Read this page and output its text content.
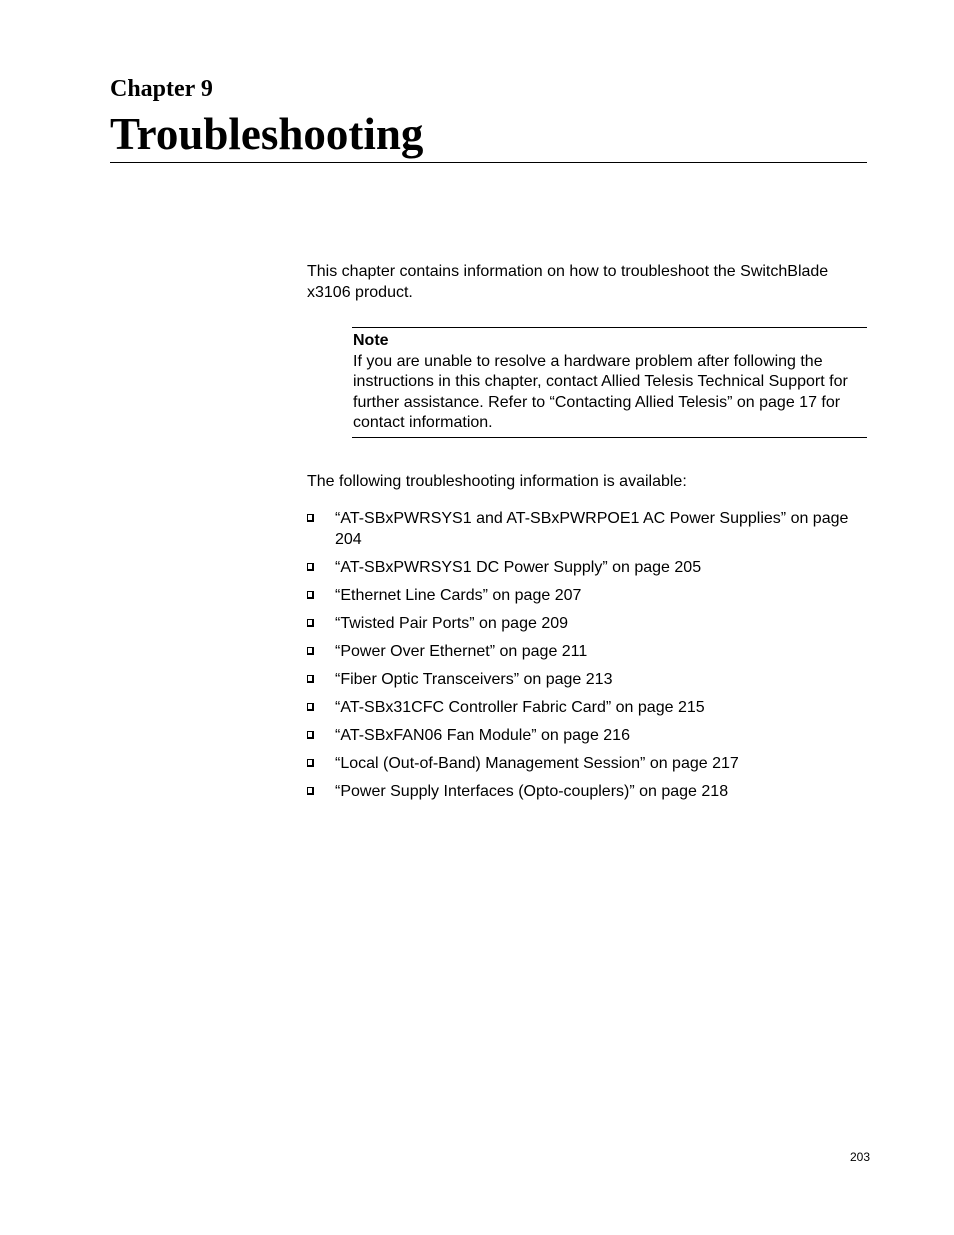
Chapter 9
Troubleshooting

This chapter contains information on how to troubleshoot the SwitchBlade x3106 product.

Note
If you are unable to resolve a hardware problem after following the instructions in this chapter, contact Allied Telesis Technical Support for further assistance. Refer to “Contacting Allied Telesis” on page 17 for contact information.

The following troubleshooting information is available:

“AT-SBxPWRSYS1 and AT-SBxPWRPOE1 AC Power Supplies” on page 204
“AT-SBxPWRSYS1 DC Power Supply” on page 205
“Ethernet Line Cards” on page 207
“Twisted Pair Ports” on page 209
“Power Over Ethernet” on page 211
“Fiber Optic Transceivers” on page 213
“AT-SBx31CFC Controller Fabric Card” on page 215
“AT-SBxFAN06 Fan Module” on page 216
“Local (Out-of-Band) Management Session” on page 217
“Power Supply Interfaces (Opto-couplers)” on page 218
203
